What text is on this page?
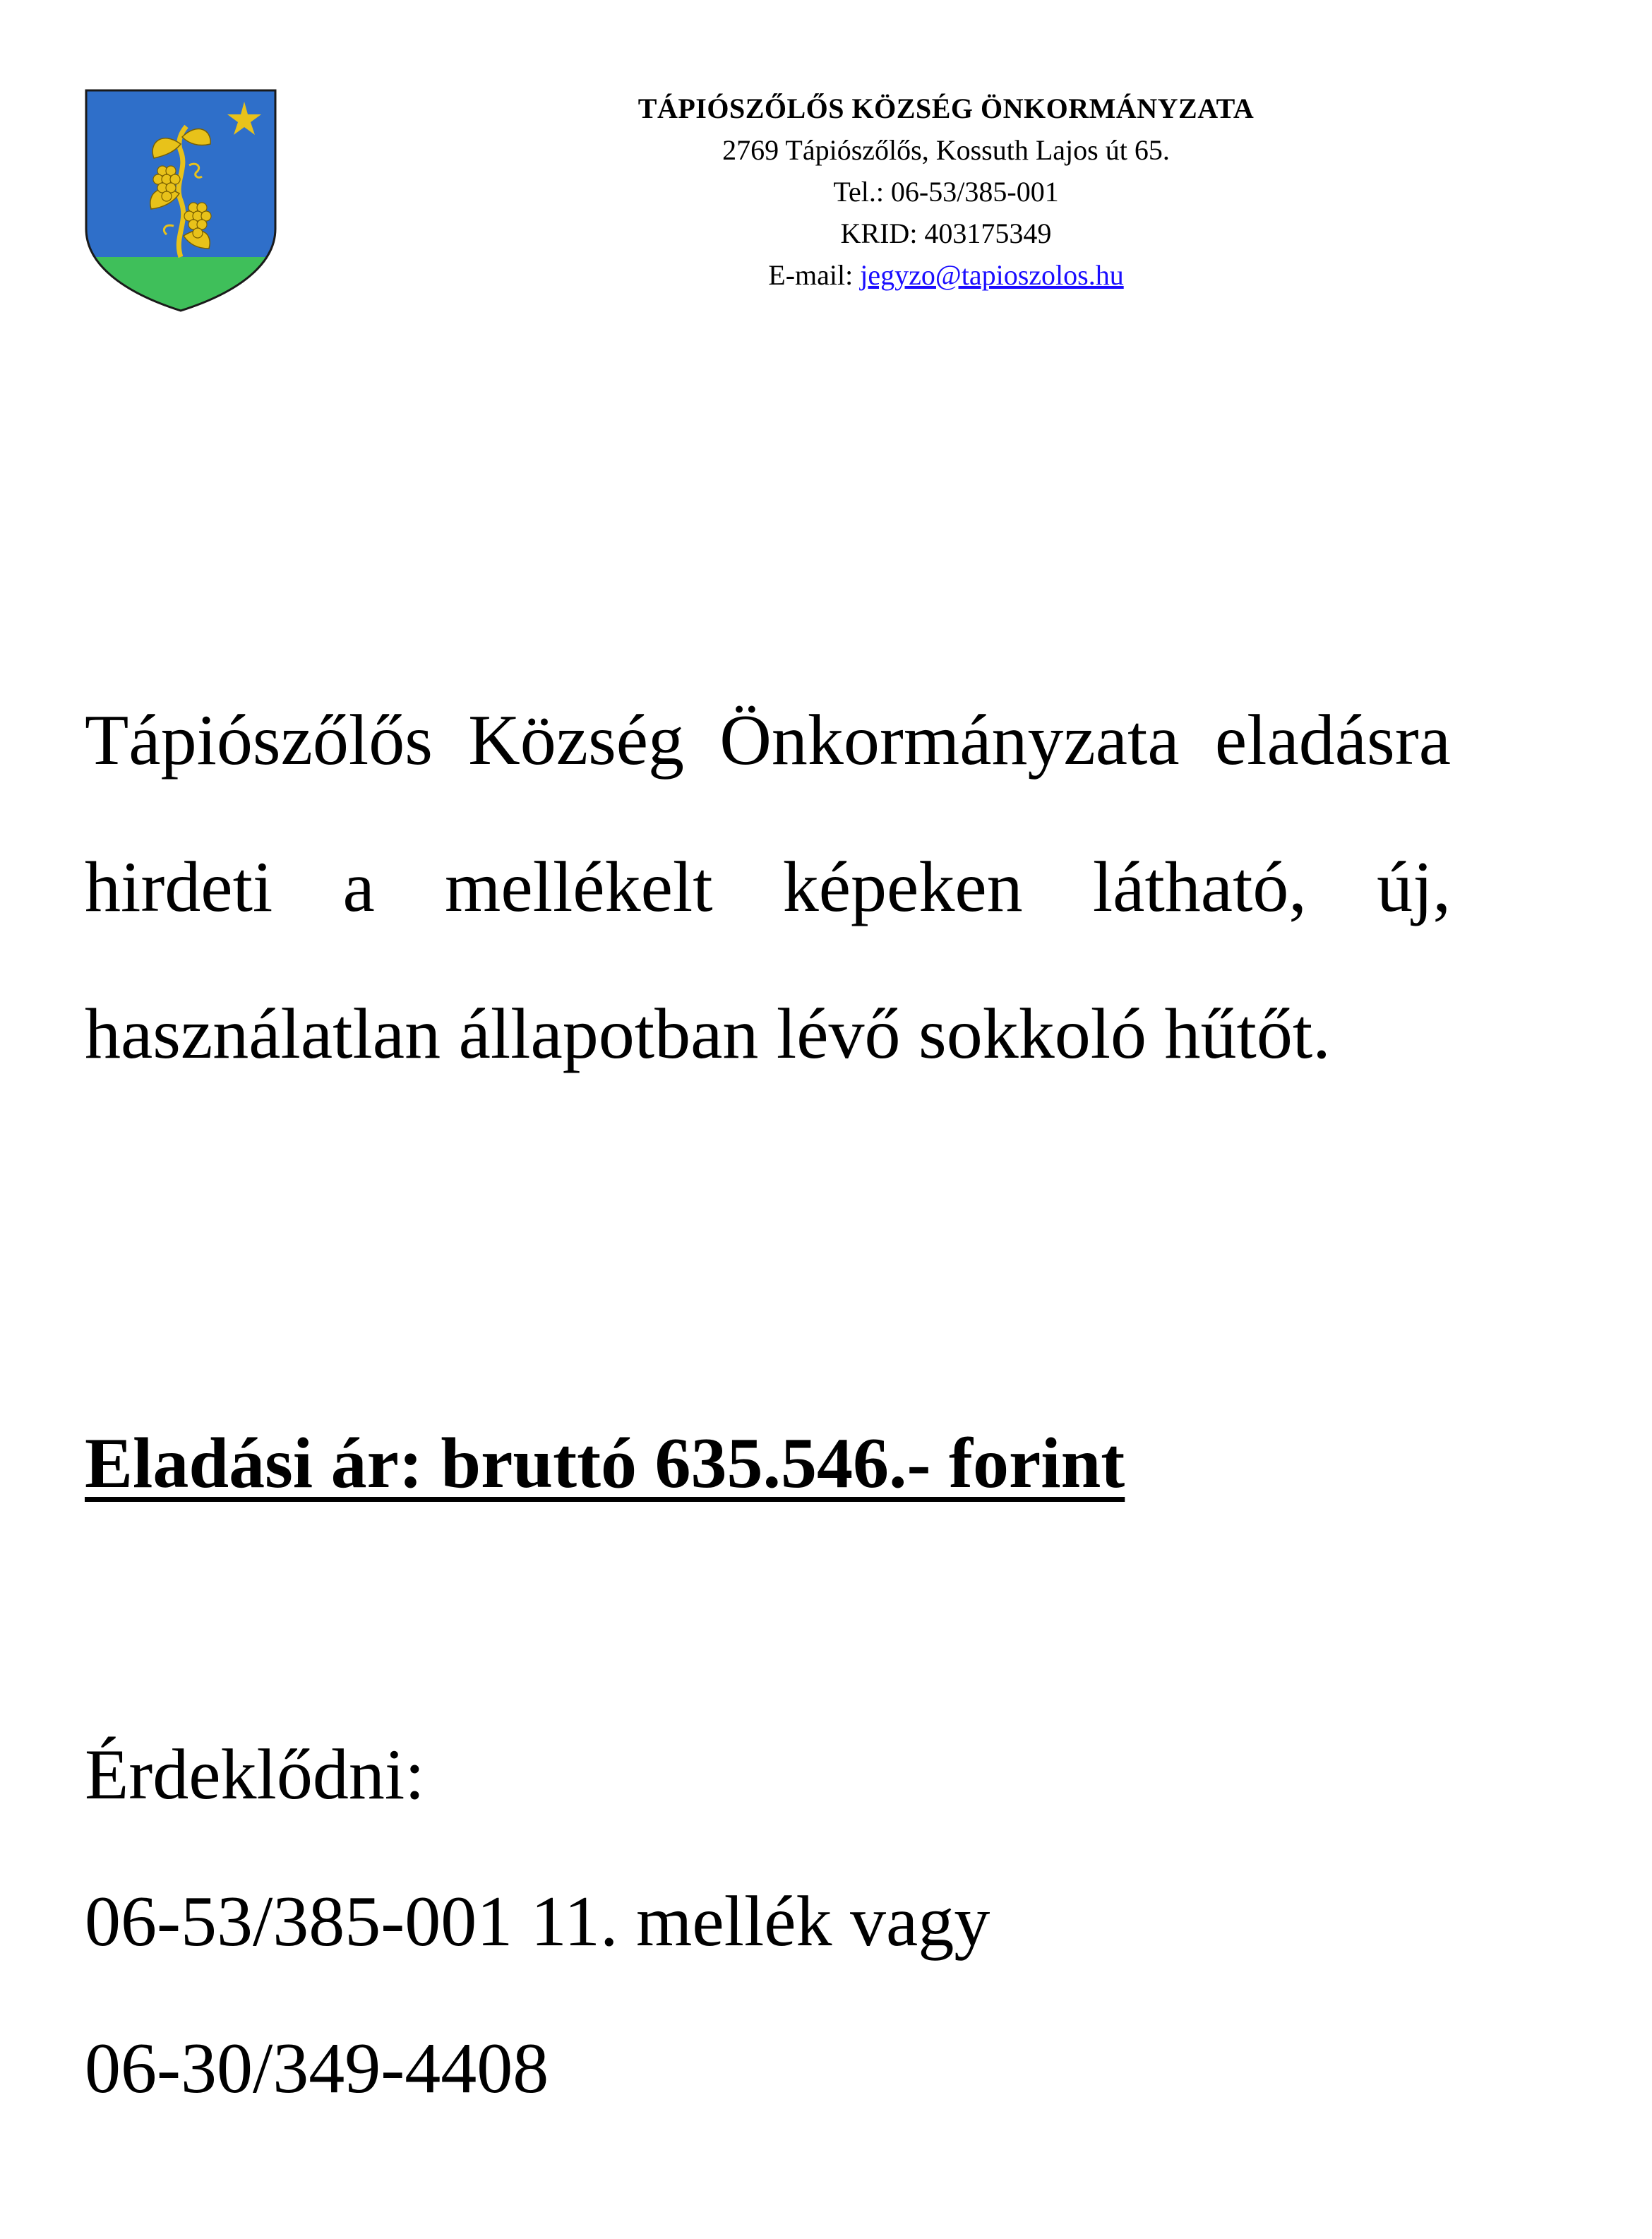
TÁPIÓSZŐLŐS KÖZSÉG ÖNKORMÁNYZATA
2769 Tápiószőlős, Kossuth Lajos út 65.
Tel.: 06-53/385-001
KRID: 403175349
E-mail: jegyzo@tapioszolos.hu
Tápiószőlős Község Önkormányzata eladásra hirdeti a mellékelt képeken látható, új, használatlan állapotban lévő sokkoló hűtőt.
Eladási ár: bruttó 635.546.- forint
Érdeklődni:
06-53/385-001 11. mellék vagy
06-30/349-4408
